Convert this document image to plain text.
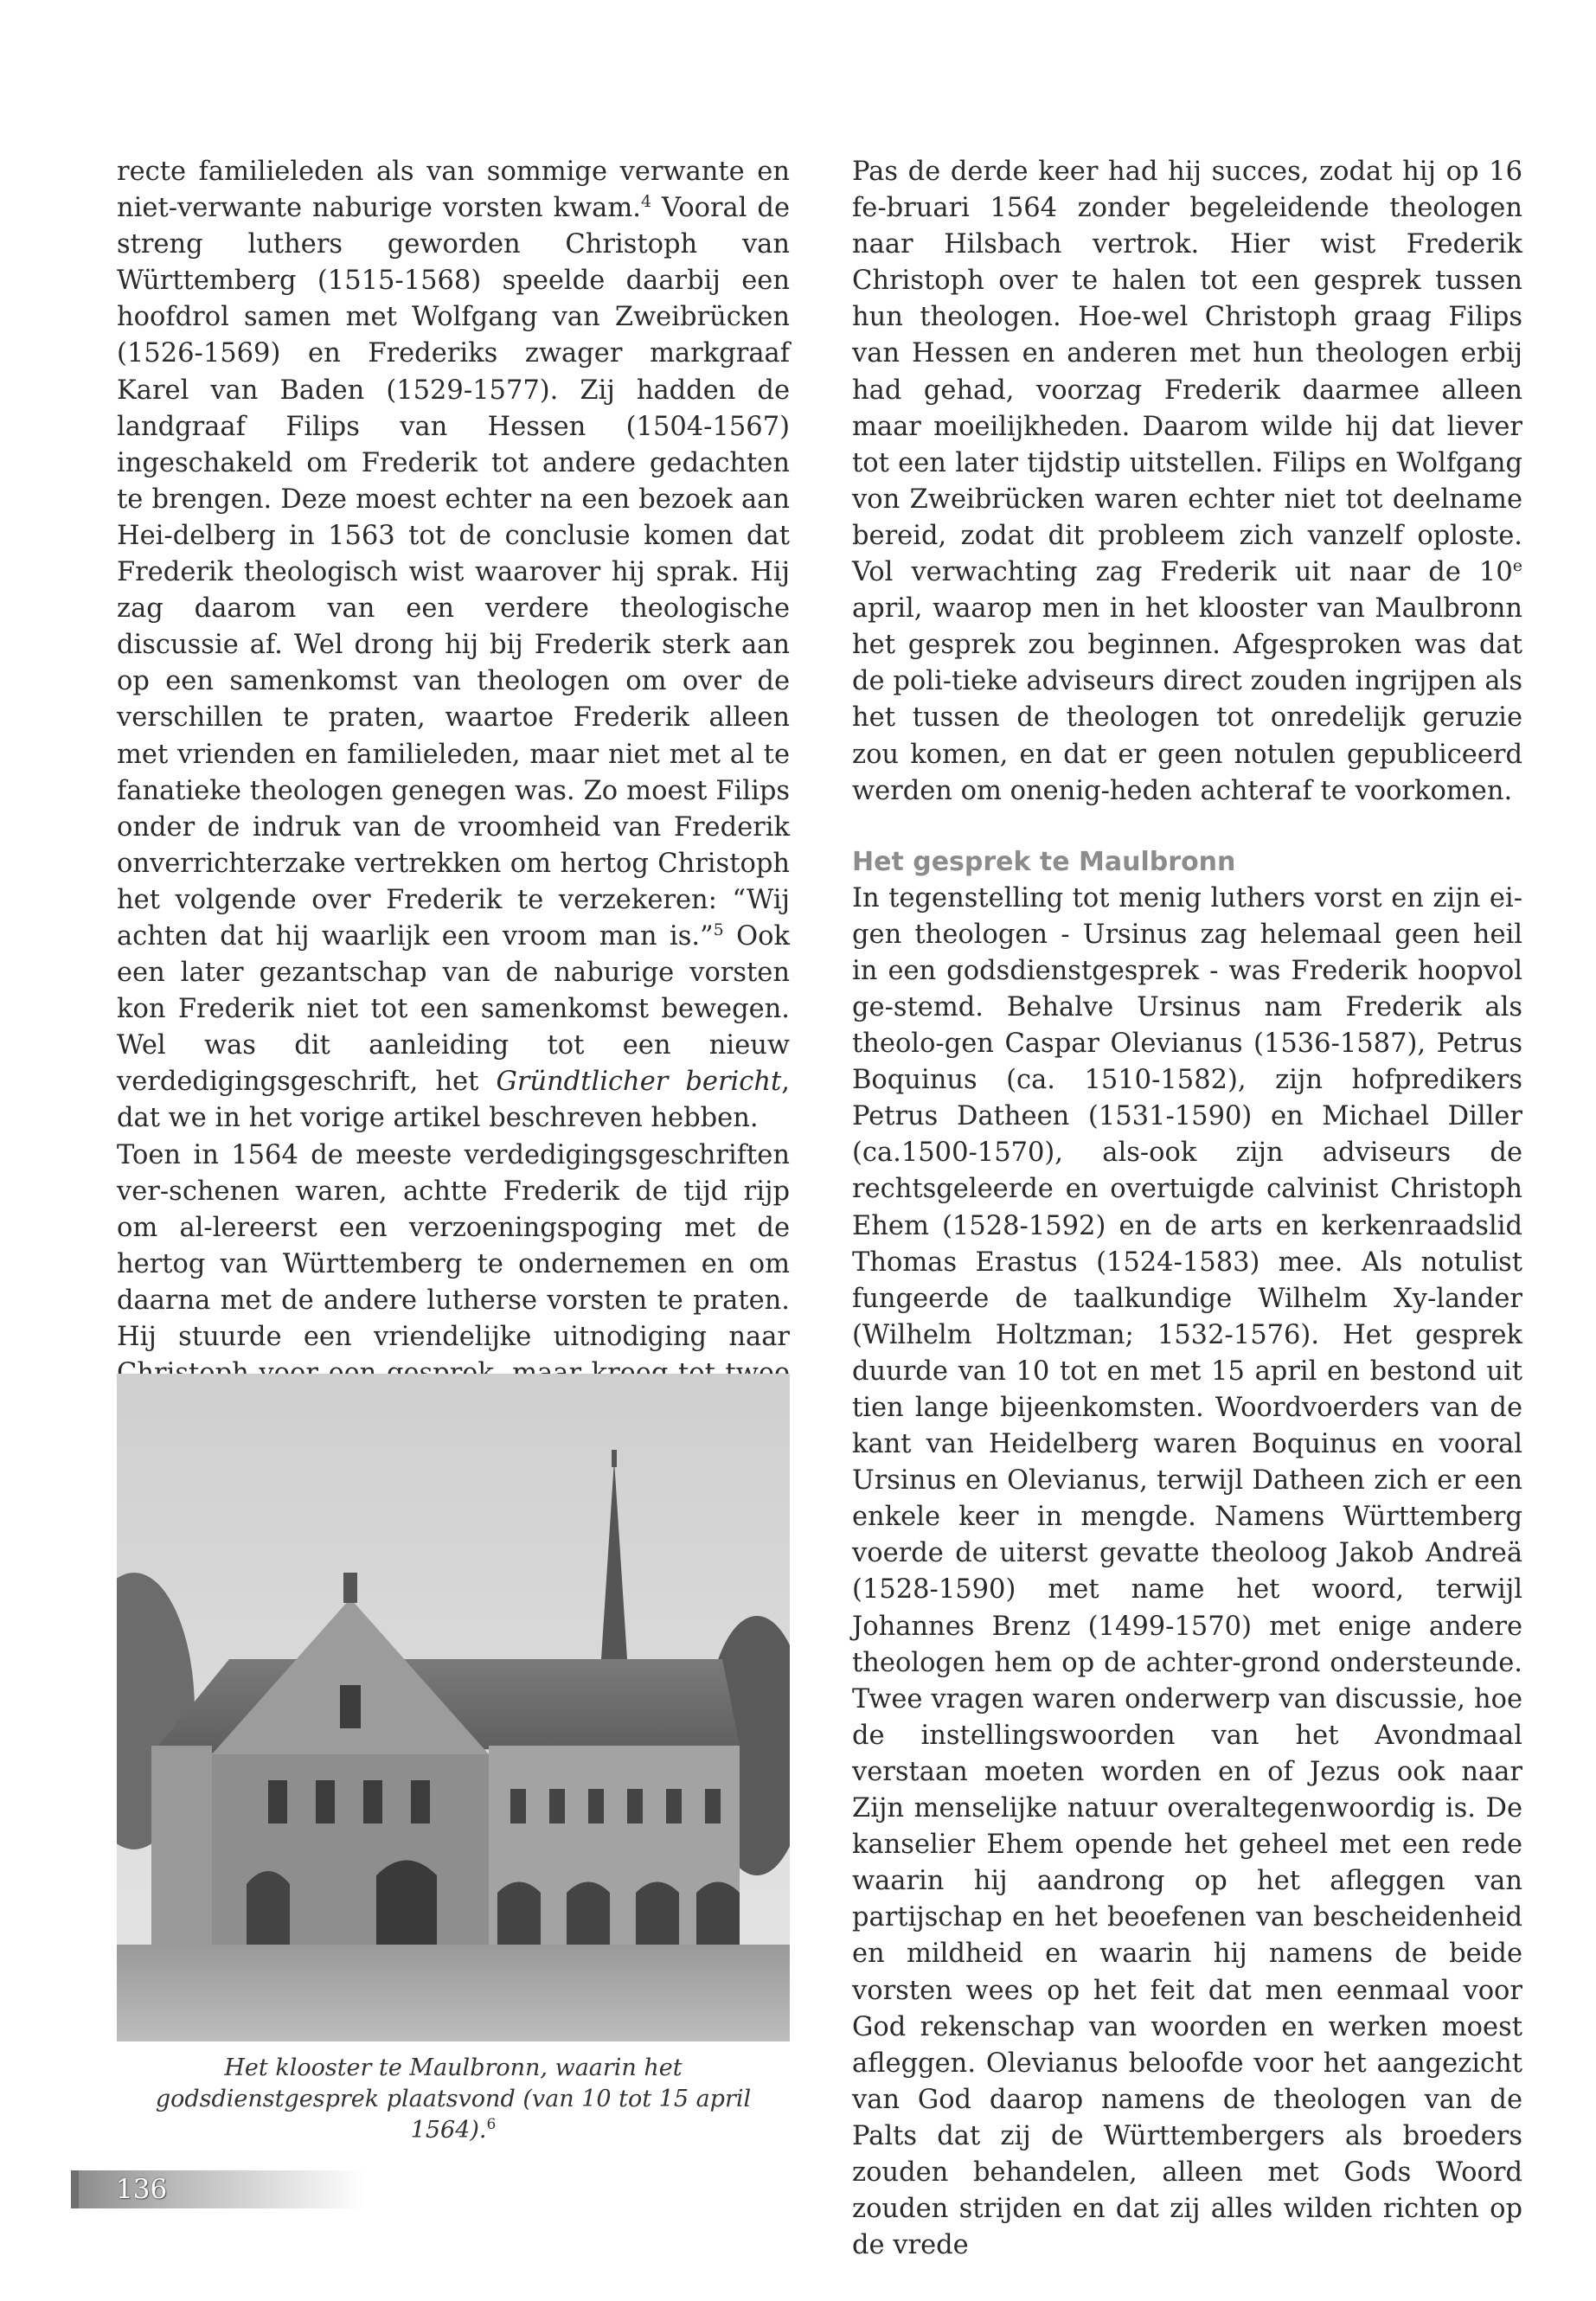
recte familieleden als van sommige verwante en niet-verwante naburige vorsten kwam.$^4$ Vooral de streng luthers geworden Christoph van Württemberg (1515-1568) speelde daarbij een hoofdrol samen met Wolfgang van Zweibrücken (1526-1569) en Frederiks zwager markgraaf Karel van Baden (1529-1577). Zij hadden de landgraaf Filips van Hessen (1504-1567) ingeschakeld om Frederik tot andere gedachten te brengen. Deze moest echter na een bezoek aan Hei-delberg in 1563 tot de conclusie komen dat Frederik theologisch wist waarover hij sprak. Hij zag daarom van een verdere theologische discussie af. Wel drong hij bij Frederik sterk aan op een samenkomst van theologen om over de verschillen te praten, waartoe Frederik alleen met vrienden en familieleden, maar niet met al te fanatieke theologen genegen was. Zo moest Filips onder de indruk van de vroomheid van Frederik onverrichterzake vertrekken om hertog Christoph het volgende over Frederik te verzekeren: “Wij achten dat hij waarlijk een vroom man is.”$^5$ Ook een later gezantschap van de naburige vorsten kon Frederik niet tot een samenkomst bewegen. Wel was dit aanleiding tot een nieuw verdedigingsgeschrift, het Gründtlicher bericht, dat we in het vorige artikel beschreven hebben.

Toen in 1564 de meeste verdedigingsgeschriften ver-schenen waren, achtte Frederik de tijd rijp om al-lereerst een verzoeningspoging met de hertog van Württemberg te ondernemen en om daarna met de andere lutherse vorsten te praten. Hij stuurde een vriendelijke uitnodiging naar

Het klooster te Maulbronn, waarin het godsdienstgesprek plaatsvond (van 10 tot 15 april 1564).$^6$

Pas de derde keer had hij succes, zodat hij op 16 fe-bruari 1564 zonder begeleidende theologen naar Hilsbach vertrok. Hier wist Frederik Christoph over te halen tot een gesprek tussen hun theologen. Hoe-wel Christoph graag Filips van Hessen en anderen met hun theologen erbij had gehad, voorzag Frederik daarmee alleen maar moeilijkheden. Daarom wilde hij dat liever tot een later tijdstip uitstellen. Filips en Wolfgang von Zweibrücken waren echter niet tot deelname bereid, zodat dit probleem zich vanzelf oploste. Vol verwachting zag Frederik uit naar de 10e april, waarop men in het klooster van Maulbronn het gesprek zou beginnen. Afgesproken was dat de poli-tieke adviseurs direct zouden ingrijpen als het tussen de theologen tot onredelijk geruzie zou komen, en dat er geen notulen gepubliceerd werden om onenig-heden achteraf te voorkomen.

Het gesprek te Maulbronn

In tegenstelling tot menig luthers vorst en zijn ei-gen theologen - Ursinus zag helemaal geen heil in een godsdienstgesprek - was Frederik hoopvol ge-stemd. Behalve Ursinus nam Frederik als theolo-gen Caspar Olevianus (1536-1587), Petrus Boquinus (ca. 1510-1582), zijn hofpredikers Petrus Datheen (1531-1590) en Michael Diller (ca.1500-1570), als-ook zijn adviseurs de rechtsgeleerde en overtuigde calvinist Christoph Ehem (1528-1592) en de arts en kerkenraadslid Thomas Erastus (1524-1583) mee. Als notulist fungeerde de taalkundige Wilhelm Xy-lander (Wilhelm Holtzman; 1532-1576). Het gesprek duurde van 10 tot en met 15 april en bestond uit tien lange bijeenkomsten. Woordvoerders van de kant van Heidelberg waren Boquinus en vooral Ursinus en Olevianus, terwijl Datheen zich er een enkele keer in mengde. Namens Württemberg voerde de uiterst gevatte theoloog Jakob Andreä (1528-1590) met name het woord, terwijl Johannes Brenz (1499-1570) met enige andere theologen hem op de achter-grond ondersteunde. Twee vragen waren onderwerp van discussie, hoe de instellingswoorden van het Avondmaal verstaan moeten worden en of Jezus ook naar Zijn menselijke natuur overaltegenwoordig is. De kanselier Ehem opende het geheel met een rede waarin hij aandrong op het afleggen van partijschap en het beoefenen van bescheidenheid en mildheid en waarin hij namens de beide vorsten wees op het feit dat men eenmaal voor God rekenschap van woorden en werken moest afleggen. Olevianus beloofde voor het aangezicht van God daarop namens de theologen van de Palts dat zij de Württembergers als broeders zouden behandelen, alleen met Gods Woord zouden strijden en dat zij alles wilden richten op de vrede

136
